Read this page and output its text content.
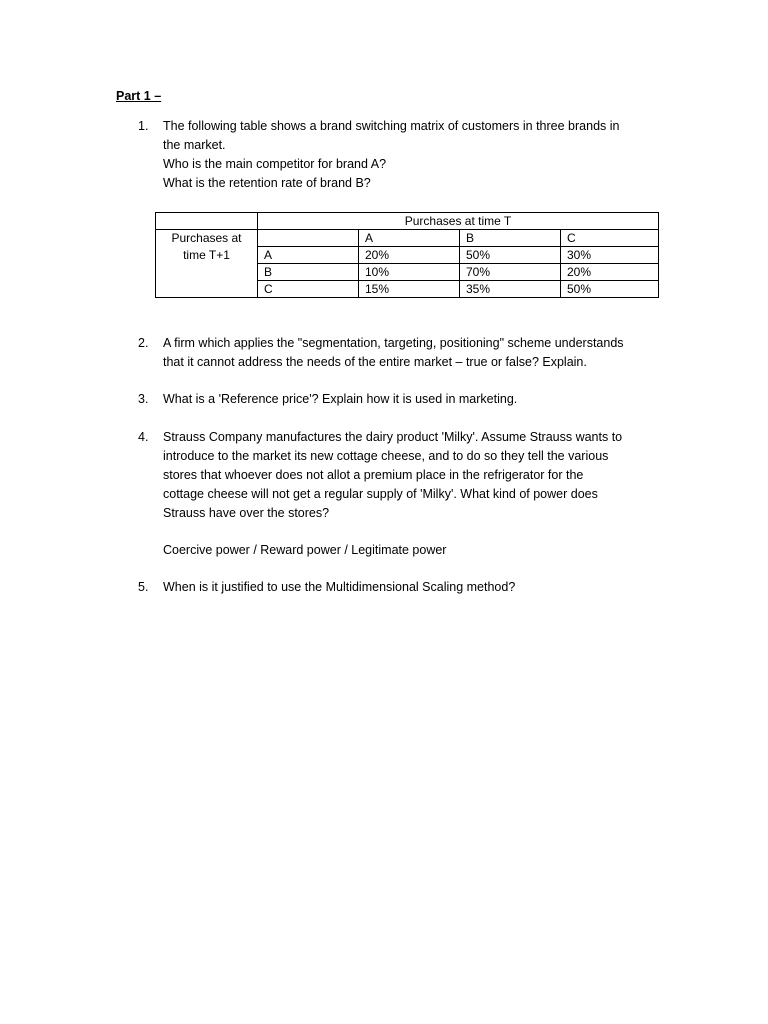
Part 1 –
1.	The following table shows a brand switching matrix of customers in three brands in
the market.
Who is the main competitor for brand A?
What is the retention rate of brand B?
	Purchases at time T			
Purchases at
time T+1		A	B	C
	A	20%	50%	30%
	B	10%	70%	20%
	C	15%	35%	50%
2.	A firm which applies the "segmentation, targeting, positioning" scheme understands
that it cannot address the needs of the entire market – true or false? Explain.
3.	What is a 'Reference price'? Explain how it is used in marketing.
4.	Strauss Company manufactures the dairy product 'Milky'. Assume Strauss wants to
introduce to the market its new cottage cheese, and to do so they tell the various
stores that whoever does not allot a premium place in the refrigerator for the
cottage cheese will not get a regular supply of 'Milky'. What kind of power does
Strauss have over the stores?
Coercive power / Reward power / Legitimate power
5.	When is it justified to use the Multidimensional Scaling method?
